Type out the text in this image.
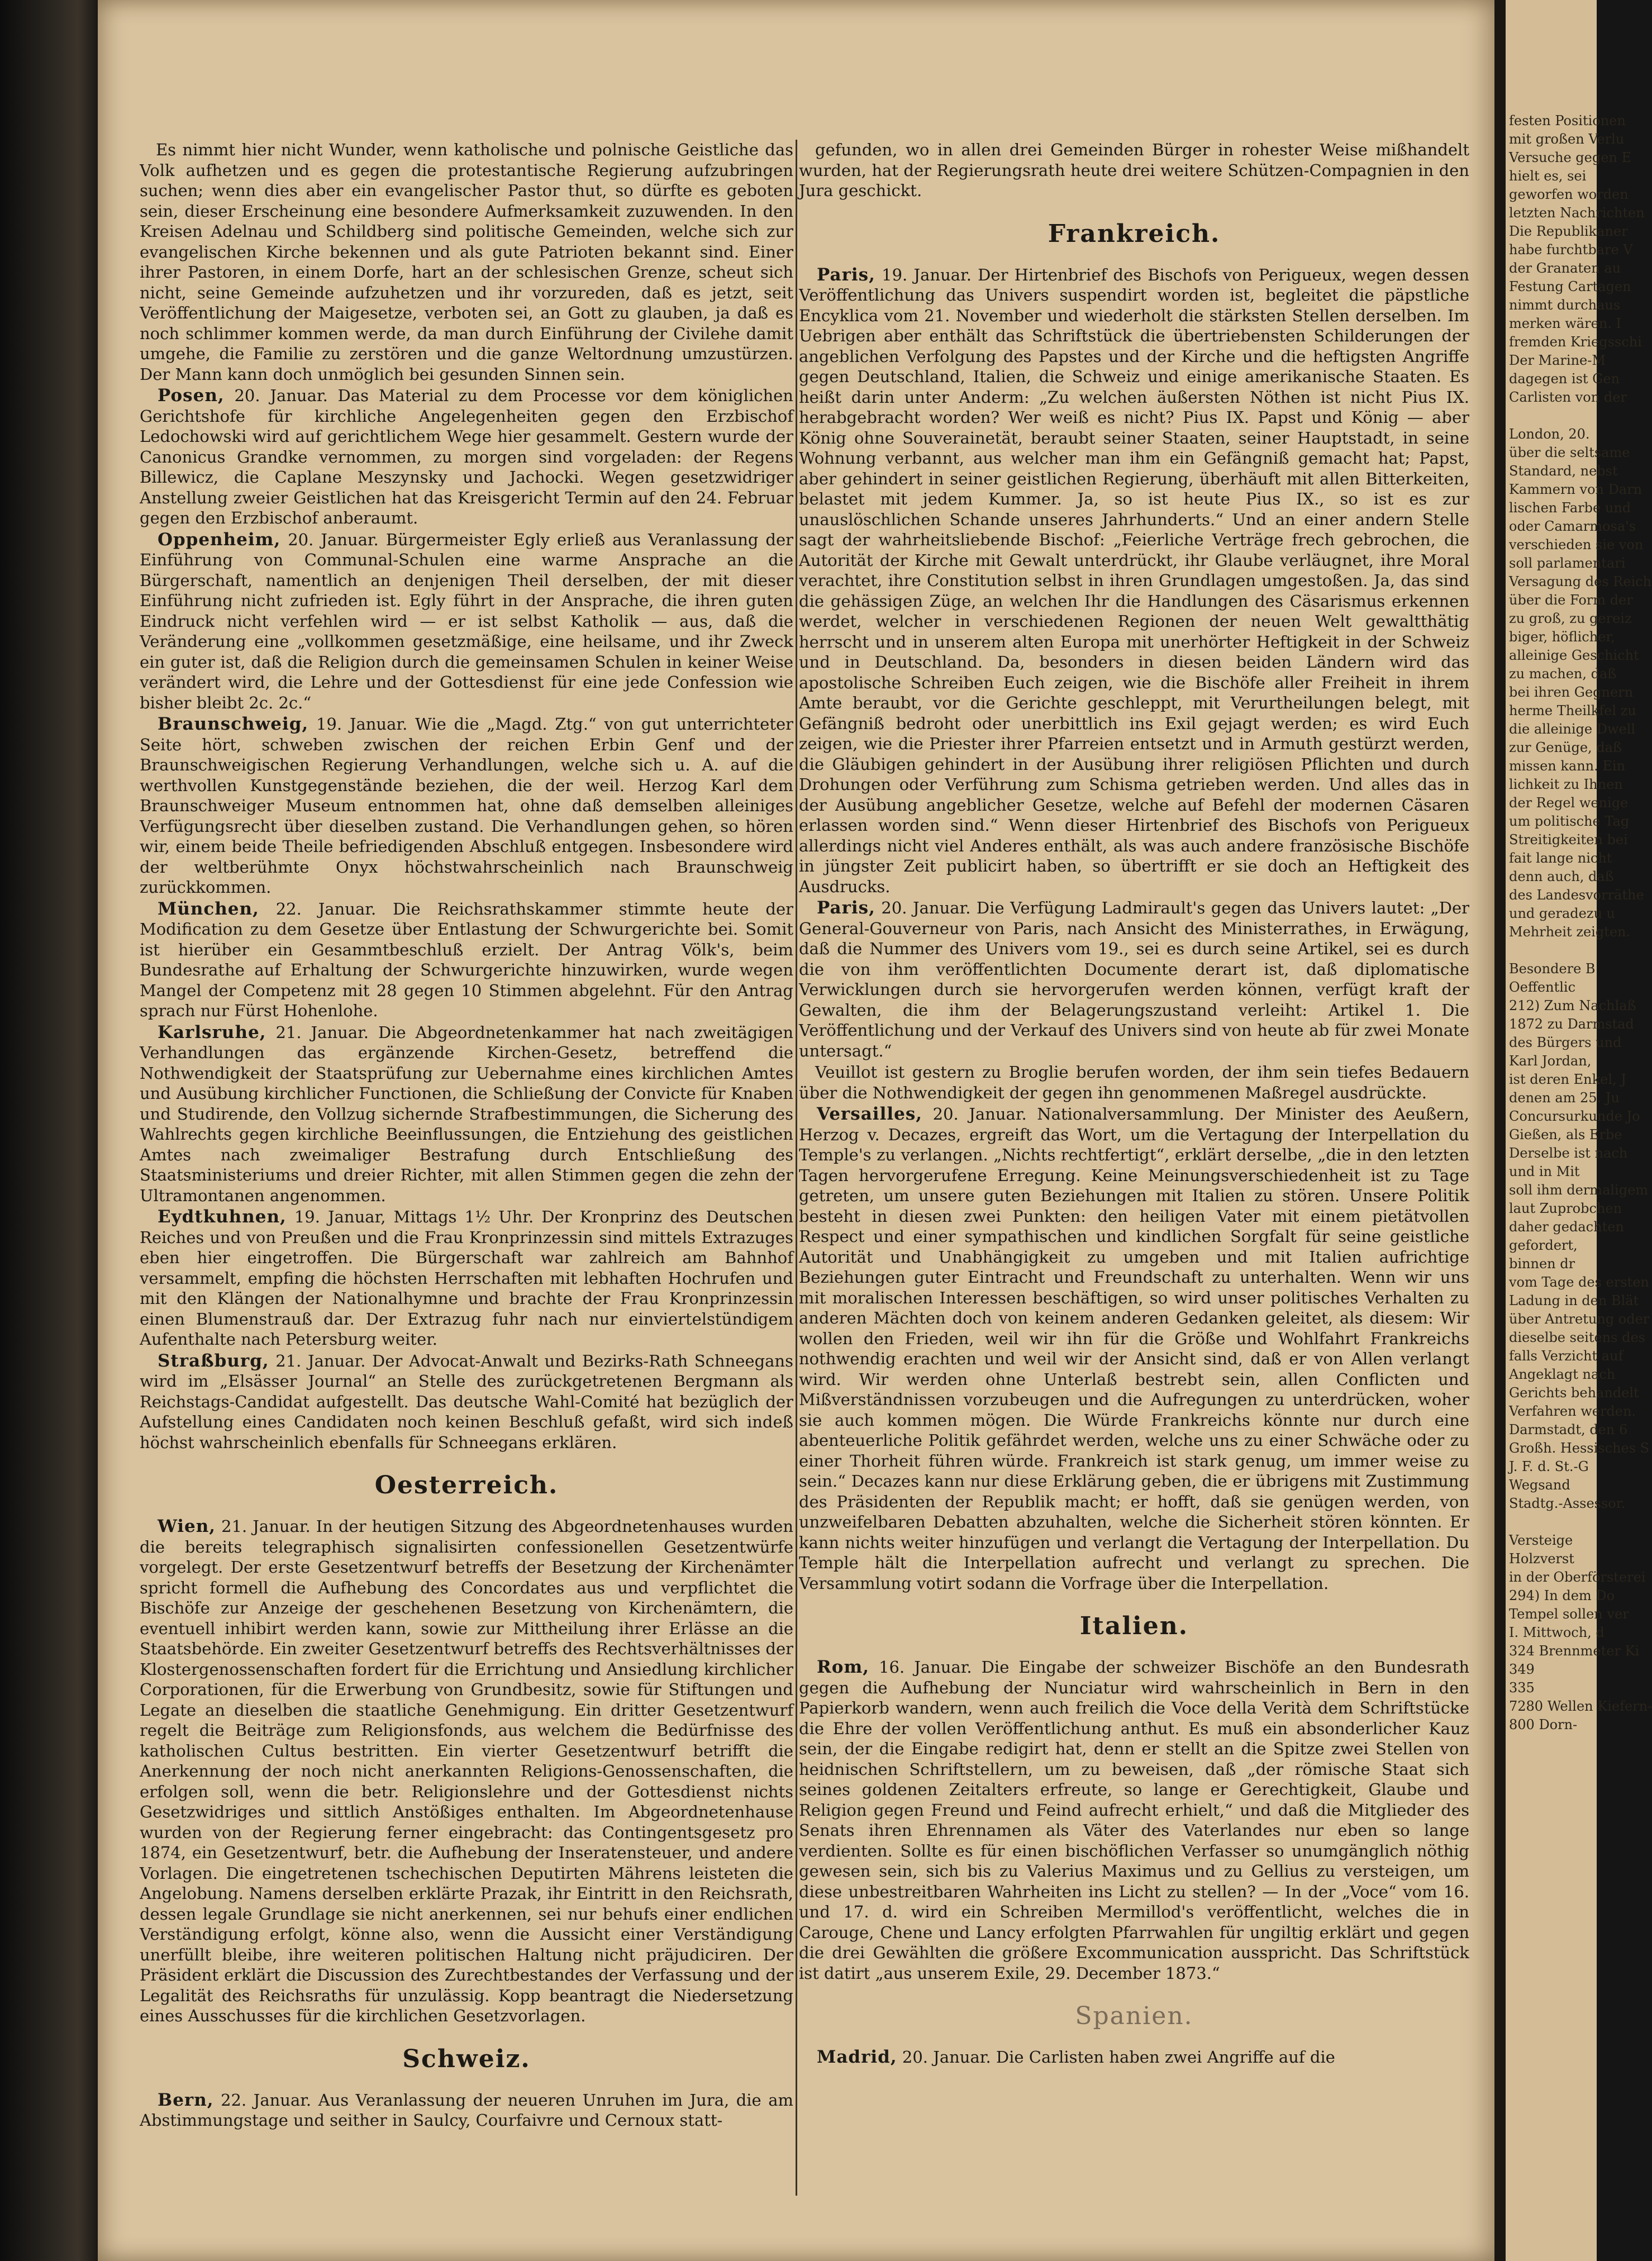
 Es nimmt hier nicht Wunder, wenn katholische und polnische Geistliche das Volk aufhetzen und es gegen die protestantische Regierung aufzubringen suchen; wenn dies aber ein evangelischer Pastor thut, so dürfte es geboten sein, dieser Erscheinung eine besondere Aufmerksamkeit zuzuwenden. In den Kreisen Adelnau und Schildberg sind politische Gemeinden, welche sich zur evangelischen Kirche bekennen und als gute Patrioten bekannt sind. Einer ihrer Pastoren, in einem Dorfe, hart an der schlesischen Grenze, scheut sich nicht, seine Gemeinde aufzuhetzen und ihr vorzureden, daß es jetzt, seit Veröffentlichung der Maigesetze, verboten sei, an Gott zu glauben, ja daß es noch schlimmer kommen werde, da man durch Einführung der Civilehe damit umgehe, die Familie zu zerstören und die ganze Weltordnung umzustürzen. Der Mann kann doch unmöglich bei gesunden Sinnen sein.

 Posen, 20. Januar. Das Material zu dem Processe vor dem königlichen Gerichtshofe für kirchliche Angelegenheiten gegen den Erzbischof Ledochowski wird auf gerichtlichem Wege hier gesammelt. Gestern wurde der Canonicus Grandke vernommen, zu morgen sind vorgeladen: der Regens Billewicz, die Caplane Meszynsky und Jachocki. Wegen gesetzwidriger Anstellung zweier Geistlichen hat das Kreisgericht Termin auf den 24. Februar gegen den Erzbischof anberaumt.

 Oppenheim, 20. Januar. Bürgermeister Egly erließ aus Veranlassung der Einführung von Communal-Schulen eine warme Ansprache an die Bürgerschaft, namentlich an denjenigen Theil derselben, der mit dieser Einführung nicht zufrieden ist. Egly führt in der Ansprache, die ihren guten Eindruck nicht verfehlen wird — er ist selbst Katholik — aus, daß die Veränderung eine „vollkommen gesetzmäßige, eine heilsame, und ihr Zweck ein guter ist, daß die Religion durch die gemeinsamen Schulen in keiner Weise verändert wird, die Lehre und der Gottesdienst für eine jede Confession wie bisher bleibt 2c. 2c.“

 Braunschweig, 19. Januar. Wie die „Magd. Ztg.“ von gut unterrichteter Seite hört, schweben zwischen der reichen Erbin Genf und der Braunschweigischen Regierung Verhandlungen, welche sich u. A. auf die werthvollen Kunstgegenstände beziehen, die der weil. Herzog Karl dem Braunschweiger Museum entnommen hat, ohne daß demselben alleiniges Verfügungsrecht über dieselben zustand. Die Verhandlungen gehen, so hören wir, einem beide Theile befriedigenden Abschluß entgegen. Insbesondere wird der weltberühmte Onyx höchstwahrscheinlich nach Braunschweig zurückkommen.

 München, 22. Januar. Die Reichsrathskammer stimmte heute der Modification zu dem Gesetze über Entlastung der Schwurgerichte bei. Somit ist hierüber ein Gesammtbeschluß erzielt. Der Antrag Völk's, beim Bundesrathe auf Erhaltung der Schwurgerichte hinzuwirken, wurde wegen Mangel der Competenz mit 28 gegen 10 Stimmen abgelehnt. Für den Antrag sprach nur Fürst Hohenlohe.

 Karlsruhe, 21. Januar. Die Abgeordnetenkammer hat nach zweitägigen Verhandlungen das ergänzende Kirchen-Gesetz, betreffend die Nothwendigkeit der Staatsprüfung zur Uebernahme eines kirchlichen Amtes und Ausübung kirchlicher Functionen, die Schließung der Convicte für Knaben und Studirende, den Vollzug sichernde Strafbestimmungen, die Sicherung des Wahlrechts gegen kirchliche Beeinflussungen, die Entziehung des geistlichen Amtes nach zweimaliger Bestrafung durch Entschließung des Staatsministeriums und dreier Richter, mit allen Stimmen gegen die zehn der Ultramontanen angenommen.

 Eydtkuhnen, 19. Januar, Mittags 1½ Uhr. Der Kronprinz des Deutschen Reiches und von Preußen und die Frau Kronprinzessin sind mittels Extrazuges eben hier eingetroffen. Die Bürgerschaft war zahlreich am Bahnhof versammelt, empfing die höchsten Herrschaften mit lebhaften Hochrufen und mit den Klängen der Nationalhymne und brachte der Frau Kronprinzessin einen Blumenstrauß dar. Der Extrazug fuhr nach nur einviertelstündigem Aufenthalte nach Petersburg weiter.

 Straßburg, 21. Januar. Der Advocat-Anwalt und Bezirks-Rath Schneegans wird im „Elsässer Journal“ an Stelle des zurückgetretenen Bergmann als Reichstags-Candidat aufgestellt. Das deutsche Wahl-Comité hat bezüglich der Aufstellung eines Candidaten noch keinen Beschluß gefaßt, wird sich indeß höchst wahrscheinlich ebenfalls für Schneegans erklären.

Oesterreich.

 Wien, 21. Januar. In der heutigen Sitzung des Abgeordnetenhauses wurden die bereits telegraphisch signalisirten confessionellen Gesetzentwürfe vorgelegt. Der erste Gesetzentwurf betreffs der Besetzung der Kirchenämter spricht formell die Aufhebung des Concordates aus und verpflichtet die Bischöfe zur Anzeige der geschehenen Besetzung von Kirchenämtern, die eventuell inhibirt werden kann, sowie zur Mittheilung ihrer Erlässe an die Staatsbehörde. Ein zweiter Gesetzentwurf betreffs des Rechtsverhältnisses der Klostergenossenschaften fordert für die Errichtung und Ansiedlung kirchlicher Corporationen, für die Erwerbung von Grundbesitz, sowie für Stiftungen und Legate an dieselben die staatliche Genehmigung. Ein dritter Gesetzentwurf regelt die Beiträge zum Religionsfonds, aus welchem die Bedürfnisse des katholischen Cultus bestritten. Ein vierter Gesetzentwurf betrifft die Anerkennung der noch nicht anerkannten Religions-Genossenschaften, die erfolgen soll, wenn die betr. Religionslehre und der Gottesdienst nichts Gesetzwidriges und sittlich Anstößiges enthalten. Im Abgeordnetenhause wurden von der Regierung ferner eingebracht: das Contingentsgesetz pro 1874, ein Gesetzentwurf, betr. die Aufhebung der Inseratensteuer, und andere Vorlagen. Die eingetretenen tschechischen Deputirten Mährens leisteten die Angelobung. Namens derselben erklärte Prazak, ihr Eintritt in den Reichsrath, dessen legale Grundlage sie nicht anerkennen, sei nur behufs einer endlichen Verständigung erfolgt, könne also, wenn die Aussicht einer Verständigung unerfüllt bleibe, ihre weiteren politischen Haltung nicht präjudiciren. Der Präsident erklärt die Discussion des Zurechtbestandes der Verfassung und der Legalität des Reichsraths für unzulässig. Kopp beantragt die Niedersetzung eines Ausschusses für die kirchlichen Gesetzvorlagen.

Schweiz.

 Bern, 22. Januar. Aus Veranlassung der neueren Unruhen im Jura, die am Abstimmungstage und seither in Saulcy, Courfaivre und Cernoux statt-

 gefunden, wo in allen drei Gemeinden Bürger in rohester Weise mißhandelt wurden, hat der Regierungsrath heute drei weitere Schützen-Compagnien in den Jura geschickt.

Frankreich.

 Paris, 19. Januar. Der Hirtenbrief des Bischofs von Perigueux, wegen dessen Veröffentlichung das Univers suspendirt worden ist, begleitet die päpstliche Encyklica vom 21. November und wiederholt die stärksten Stellen derselben. Im Uebrigen aber enthält das Schriftstück die übertriebensten Schilderungen der angeblichen Verfolgung des Papstes und der Kirche und die heftigsten Angriffe gegen Deutschland, Italien, die Schweiz und einige amerikanische Staaten. Es heißt darin unter Anderm: „Zu welchen äußersten Nöthen ist nicht Pius IX. herabgebracht worden? Wer weiß es nicht? Pius IX. Papst und König — aber König ohne Souverainetät, beraubt seiner Staaten, seiner Hauptstadt, in seine Wohnung verbannt, aus welcher man ihm ein Gefängniß gemacht hat; Papst, aber gehindert in seiner geistlichen Regierung, überhäuft mit allen Bitterkeiten, belastet mit jedem Kummer. Ja, so ist heute Pius IX., so ist es zur unauslöschlichen Schande unseres Jahrhunderts.“ Und an einer andern Stelle sagt der wahrheitsliebende Bischof: „Feierliche Verträge frech gebrochen, die Autorität der Kirche mit Gewalt unterdrückt, ihr Glaube verläugnet, ihre Moral verachtet, ihre Constitution selbst in ihren Grundlagen umgestoßen. Ja, das sind die gehässigen Züge, an welchen Ihr die Handlungen des Cäsarismus erkennen werdet, welcher in verschiedenen Regionen der neuen Welt gewaltthätig herrscht und in unserem alten Europa mit unerhörter Heftigkeit in der Schweiz und in Deutschland. Da, besonders in diesen beiden Ländern wird das apostolische Schreiben Euch zeigen, wie die Bischöfe aller Freiheit in ihrem Amte beraubt, vor die Gerichte geschleppt, mit Verurtheilungen belegt, mit Gefängniß bedroht oder unerbittlich ins Exil gejagt werden; es wird Euch zeigen, wie die Priester ihrer Pfarreien entsetzt und in Armuth gestürzt werden, die Gläubigen gehindert in der Ausübung ihrer religiösen Pflichten und durch Drohungen oder Verführung zum Schisma getrieben werden. Und alles das in der Ausübung angeblicher Gesetze, welche auf Befehl der modernen Cäsaren erlassen worden sind.“ Wenn dieser Hirtenbrief des Bischofs von Perigueux allerdings nicht viel Anderes enthält, als was auch andere französische Bischöfe in jüngster Zeit publicirt haben, so übertrifft er sie doch an Heftigkeit des Ausdrucks.

 Paris, 20. Januar. Die Verfügung Ladmirault's gegen das Univers lautet: „Der General-Gouverneur von Paris, nach Ansicht des Ministerrathes, in Erwägung, daß die Nummer des Univers vom 19., sei es durch seine Artikel, sei es durch die von ihm veröffentlichten Documente derart ist, daß diplomatische Verwicklungen durch sie hervorgerufen werden können, verfügt kraft der Gewalten, die ihm der Belagerungszustand verleiht: Artikel 1. Die Veröffentlichung und der Verkauf des Univers sind von heute ab für zwei Monate untersagt.“

 Veuillot ist gestern zu Broglie berufen worden, der ihm sein tiefes Bedauern über die Nothwendigkeit der gegen ihn genommenen Maßregel ausdrückte.

 Versailles, 20. Januar. Nationalversammlung. Der Minister des Aeußern, Herzog v. Decazes, ergreift das Wort, um die Vertagung der Interpellation du Temple's zu verlangen. „Nichts rechtfertigt“, erklärt derselbe, „die in den letzten Tagen hervorgerufene Erregung. Keine Meinungsverschiedenheit ist zu Tage getreten, um unsere guten Beziehungen mit Italien zu stören. Unsere Politik besteht in diesen zwei Punkten: den heiligen Vater mit einem pietätvollen Respect und einer sympathischen und kindlichen Sorgfalt für seine geistliche Autorität und Unabhängigkeit zu umgeben und mit Italien aufrichtige Beziehungen guter Eintracht und Freundschaft zu unterhalten. Wenn wir uns mit moralischen Interessen beschäftigen, so wird unser politisches Verhalten zu anderen Mächten doch von keinem anderen Gedanken geleitet, als diesem: Wir wollen den Frieden, weil wir ihn für die Größe und Wohlfahrt Frankreichs nothwendig erachten und weil wir der Ansicht sind, daß er von Allen verlangt wird. Wir werden ohne Unterlaß bestrebt sein, allen Conflicten und Mißverständnissen vorzubeugen und die Aufregungen zu unterdrücken, woher sie auch kommen mögen. Die Würde Frankreichs könnte nur durch eine abenteuerliche Politik gefährdet werden, welche uns zu einer Schwäche oder zu einer Thorheit führen würde. Frankreich ist stark genug, um immer weise zu sein.“ Decazes kann nur diese Erklärung geben, die er übrigens mit Zustimmung des Präsidenten der Republik macht; er hofft, daß sie genügen werden, von unzweifelbaren Debatten abzuhalten, welche die Sicherheit stören könnten. Er kann nichts weiter hinzufügen und verlangt die Vertagung der Interpellation. Du Temple hält die Interpellation aufrecht und verlangt zu sprechen. Die Versammlung votirt sodann die Vorfrage über die Interpellation.

Italien.

 Rom, 16. Januar. Die Eingabe der schweizer Bischöfe an den Bundesrath gegen die Aufhebung der Nunciatur wird wahrscheinlich in Bern in den Papierkorb wandern, wenn auch freilich die Voce della Verità dem Schriftstücke die Ehre der vollen Veröffentlichung anthut. Es muß ein absonderlicher Kauz sein, der die Eingabe redigirt hat, denn er stellt an die Spitze zwei Stellen von heidnischen Schriftstellern, um zu beweisen, daß „der römische Staat sich seines goldenen Zeitalters erfreute, so lange er Gerechtigkeit, Glaube und Religion gegen Freund und Feind aufrecht erhielt,“ und daß die Mitglieder des Senats ihren Ehrennamen als Väter des Vaterlandes nur eben so lange verdienten. Sollte es für einen bischöflichen Verfasser so unumgänglich nöthig gewesen sein, sich bis zu Valerius Maximus und zu Gellius zu versteigen, um diese unbestreitbaren Wahrheiten ins Licht zu stellen? — In der „Voce“ vom 16. und 17. d. wird ein Schreiben Mermillod's veröffentlicht, welches die in Carouge, Chene und Lancy erfolgten Pfarrwahlen für ungiltig erklärt und gegen die drei Gewählten die größere Excommunication ausspricht. Das Schriftstück ist datirt „aus unserem Exile, 29. December 1873.“

Spanien.

 Madrid, 20. Januar. Die Carlisten haben zwei Angriffe auf die

festen Positionen
mit großen Verlu
Versuche gegen E
hielt es, sei
geworfen worden
letzten Nachrichten
Die Republikaner
habe furchtbare V
der Granaten au
Festung Cartagen
nimmt durchaus
merken wären. I
fremden Kriegsschi
Der Marine-M
dagegen ist Gen
Carlisten von der
London, 20.
über die seltsame
Standard, nebst
Kammern von Darn
lischen Farbe und
oder Camarmosa's
verschieden sie von
soll parlamentari
Versagung des Reich
über die Form der
zu groß, zu gereiz
biger, höflicher,
alleinige Geschicht
zu machen, daß
bei ihren Gegnern
herme Theilkfel zu
die alleinige Dwell
zur Genüge, daß
missen kann. Ein
lichkeit zu Ihnen
der Regel wenige
um politische Tag
Streitigkeiten bei
fait lange nicht
denn auch, daß
des Landesvorräthe
und geradezu u
Mehrheit zeigten.
Besondere B
Oeffentlic
212) Zum Nachlaß
1872 zu Darmstad
des Bürgers und
Karl Jordan,
ist deren Enkel, J
denen am 25. Ju
Concursurkunde Jo
Gießen, als Erbe
Derselbe ist nach
und in Mit
soll ihm dermaligem
laut Zuprobchen
daher gedachten
gefordert,
binnen dr
vom Tage des ersten
Ladung in den Blät
über Antretung oder
dieselbe seitens des
falls Verzicht auf
Angeklagt nach
Gerichts behandelt
Verfahren werden.
Darmstadt, den 6
Großh. Hessisches S
J. F. d. St.-G
Wegsand
Stadtg.-Assessor.
Versteige
Holzverst
in der Oberförsterei
294) In dem Do
Tempel sollen ver
I. Mittwoch, d
324 Brennmeter Ki
349
335
7280 Wellen Kiefern-
800 Dorn-
